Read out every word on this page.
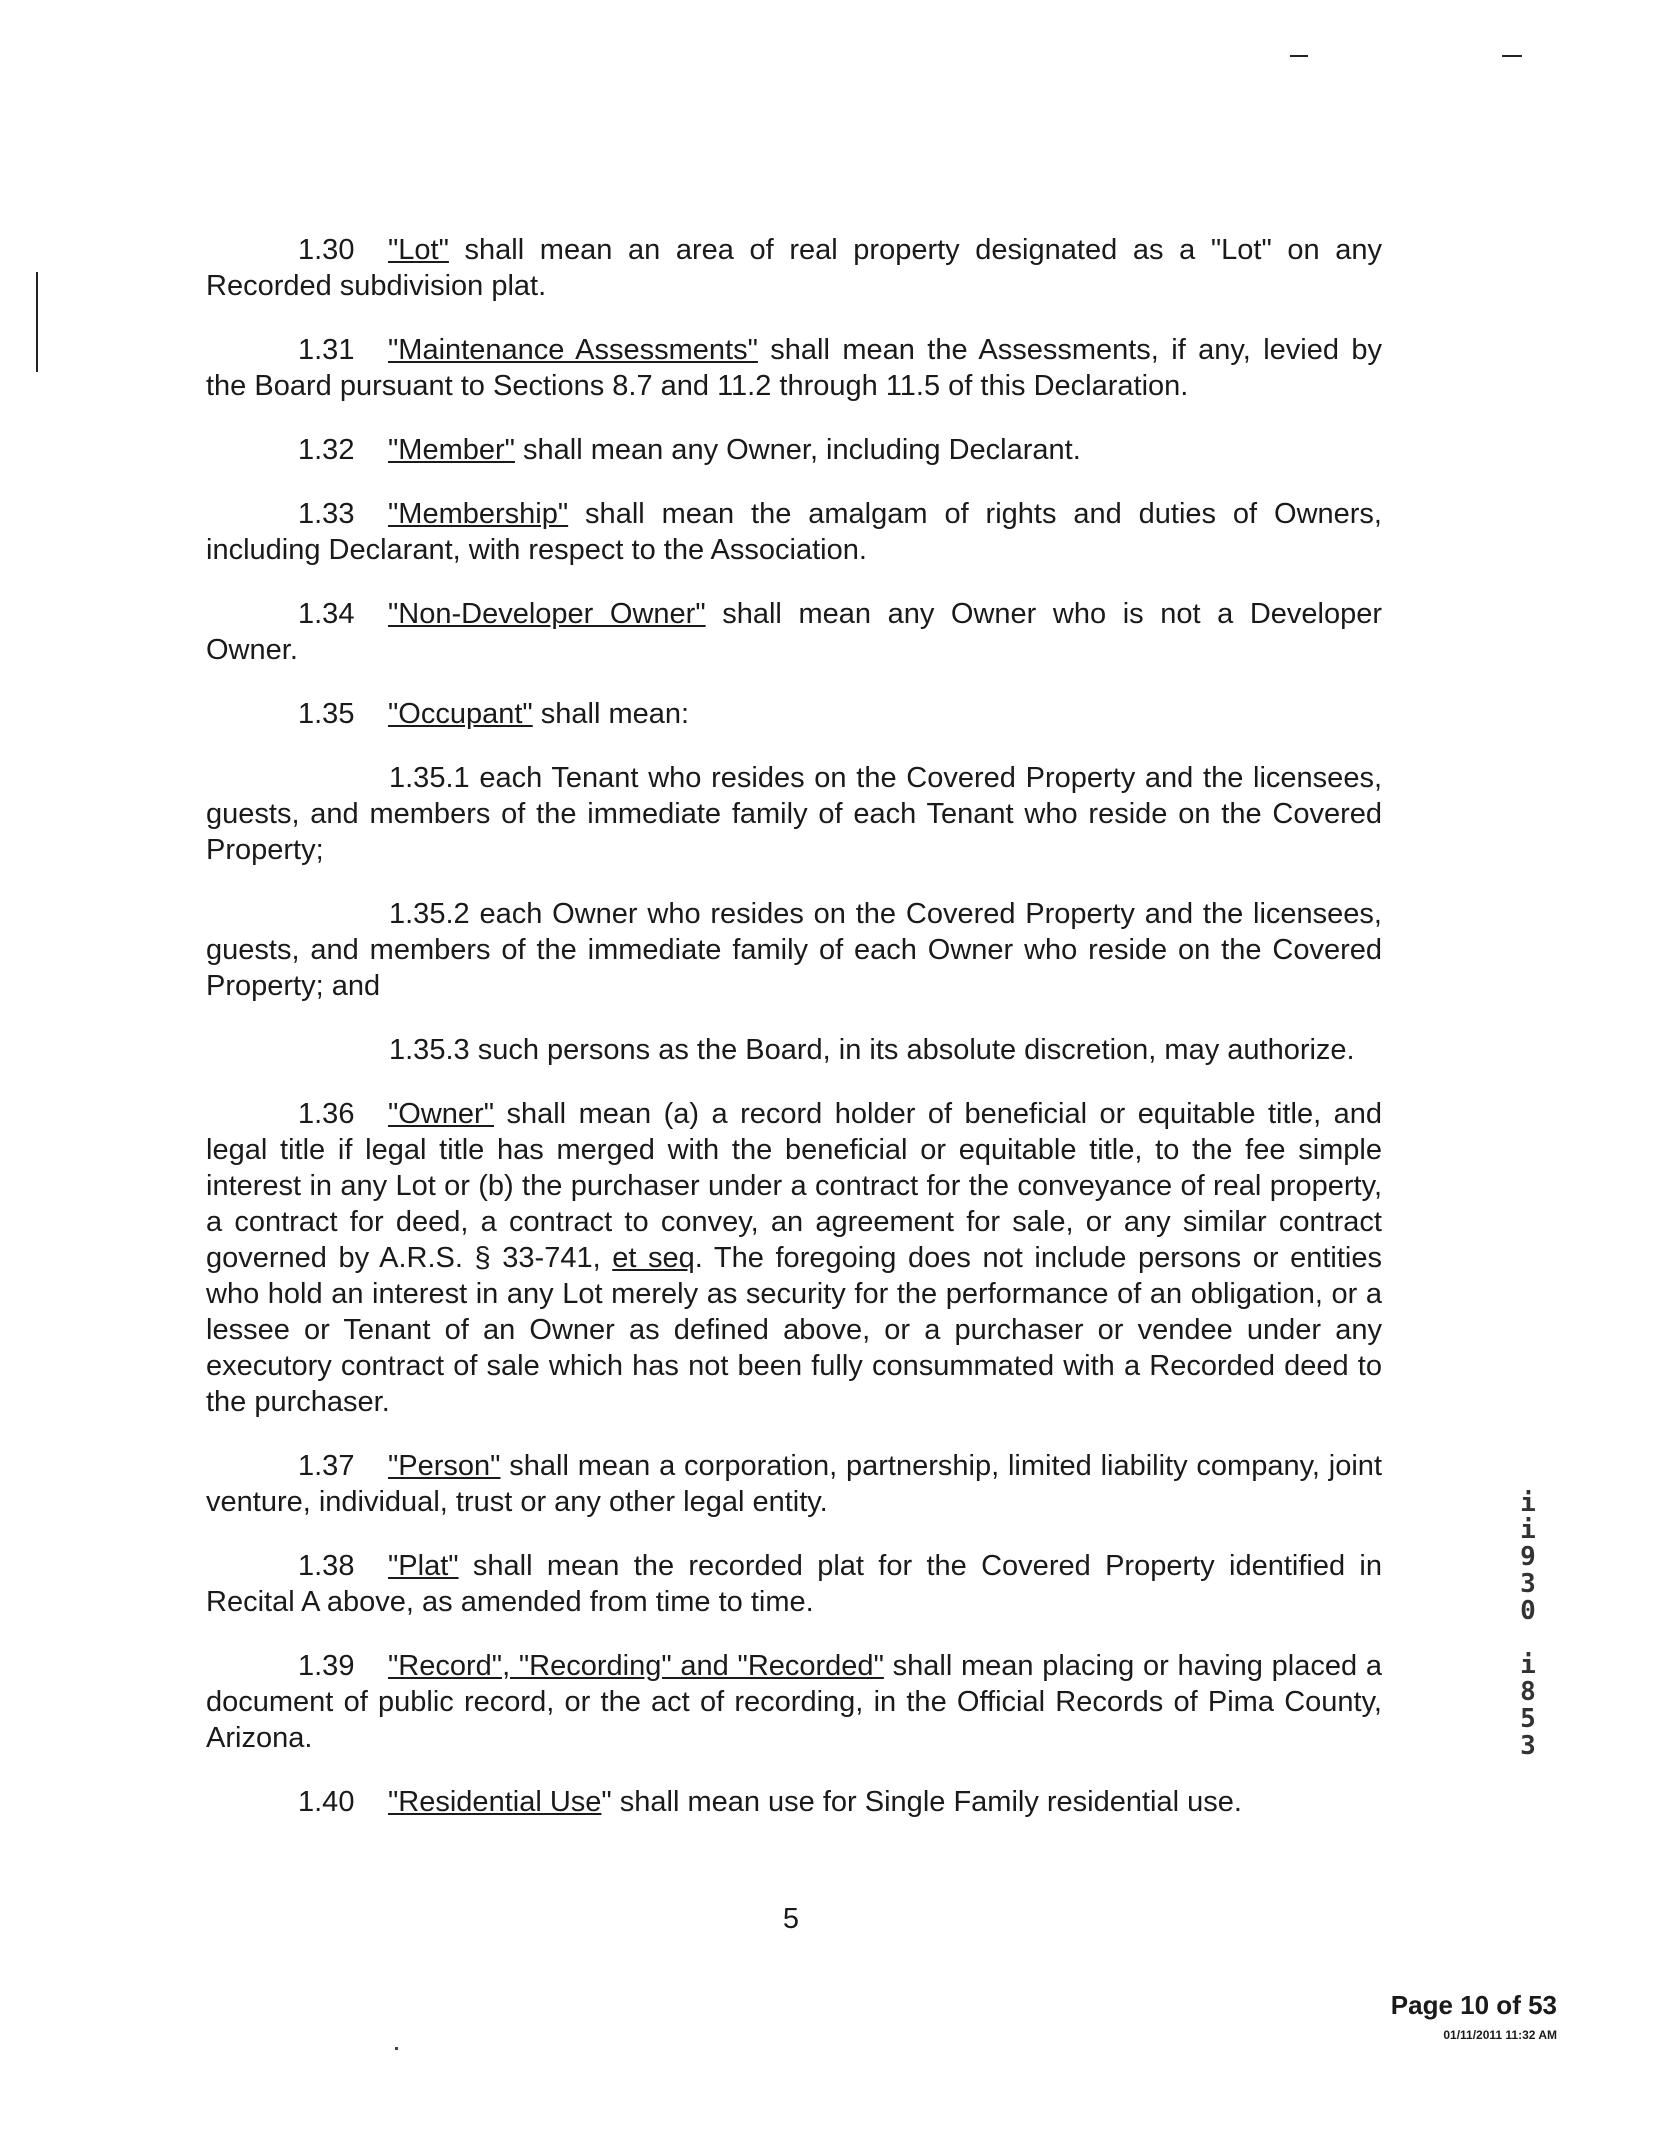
1.30 "Lot" shall mean an area of real property designated as a "Lot" on any Recorded subdivision plat.

1.31 "Maintenance Assessments" shall mean the Assessments, if any, levied by the Board pursuant to Sections 8.7 and 11.2 through 11.5 of this Declaration.

1.32 "Member" shall mean any Owner, including Declarant.

1.33 "Membership" shall mean the amalgam of rights and duties of Owners, including Declarant, with respect to the Association.

1.34 "Non-Developer Owner" shall mean any Owner who is not a Developer Owner.

1.35 "Occupant" shall mean:

1.35.1 each Tenant who resides on the Covered Property and the licensees, guests, and members of the immediate family of each Tenant who reside on the Covered Property;

1.35.2 each Owner who resides on the Covered Property and the licensees, guests, and members of the immediate family of each Owner who reside on the Covered Property; and

1.35.3 such persons as the Board, in its absolute discretion, may authorize.

1.36 "Owner" shall mean (a) a record holder of beneficial or equitable title, and legal title if legal title has merged with the beneficial or equitable title, to the fee simple interest in any Lot or (b) the purchaser under a contract for the conveyance of real property, a contract for deed, a contract to convey, an agreement for sale, or any similar contract governed by A.R.S. § 33-741, et seq. The foregoing does not include persons or entities who hold an interest in any Lot merely as security for the performance of an obligation, or a lessee or Tenant of an Owner as defined above, or a purchaser or vendee under any executory contract of sale which has not been fully consummated with a Recorded deed to the purchaser.

1.37 "Person" shall mean a corporation, partnership, limited liability company, joint venture, individual, trust or any other legal entity.

1.38 "Plat" shall mean the recorded plat for the Covered Property identified in Recital A above, as amended from time to time.

1.39 "Record", "Recording" and "Recorded" shall mean placing or having placed a document of public record, or the act of recording, in the Official Records of Pima County, Arizona.

1.40 "Residential Use" shall mean use for Single Family residential use.

5
i
i
9
3
0
i
8
5
3
Page 10 of 53
01/11/2011 11:32 AM
